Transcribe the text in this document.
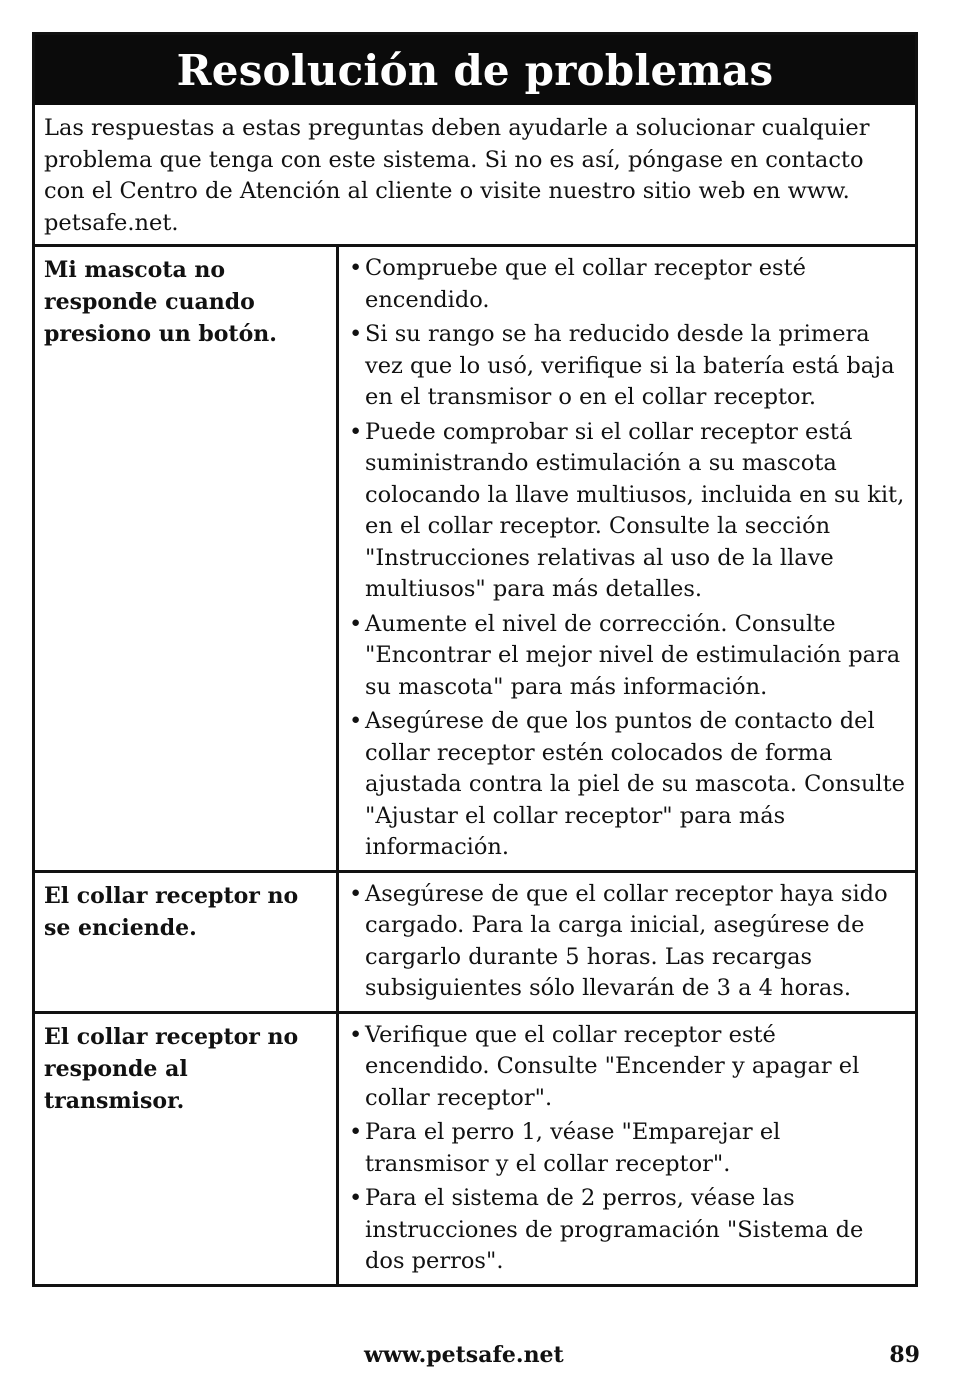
Resolución de problemas
Las respuestas a estas preguntas deben ayudarle a solucionar cualquier problema que tenga con este sistema. Si no es así, póngase en contacto con el Centro de Atención al cliente o visite nuestro sitio web en www. petsafe.net.
Mi mascota no responde cuando presiono un botón.
• Compruebe que el collar receptor esté encendido.
• Si su rango se ha reducido desde la primera vez que lo usó, verifique si la batería está baja en el transmisor o en el collar receptor.
• Puede comprobar si el collar receptor está suministrando estimulación a su mascota colocando la llave multiusos, incluida en su kit, en el collar receptor. Consulte la sección "Instrucciones relativas al uso de la llave multiusos" para más detalles.
• Aumente el nivel de corrección. Consulte "Encontrar el mejor nivel de estimulación para su mascota" para más información.
• Asegúrese de que los puntos de contacto del collar receptor estén colocados de forma ajustada contra la piel de su mascota. Consulte "Ajustar el collar receptor" para más información.
El collar receptor no se enciende.
• Asegúrese de que el collar receptor haya sido cargado. Para la carga inicial, asegúrese de cargarlo durante 5 horas. Las recargas subsiguientes sólo llevarán de 3 a 4 horas.
El collar receptor no responde al transmisor.
• Verifique que el collar receptor esté encendido. Consulte "Encender y apagar el collar receptor".
• Para el perro 1, véase "Emparejar el transmisor y el collar receptor".
• Para el sistema de 2 perros, véase las instrucciones de programación "Sistema de dos perros".
www.petsafe.net	89
